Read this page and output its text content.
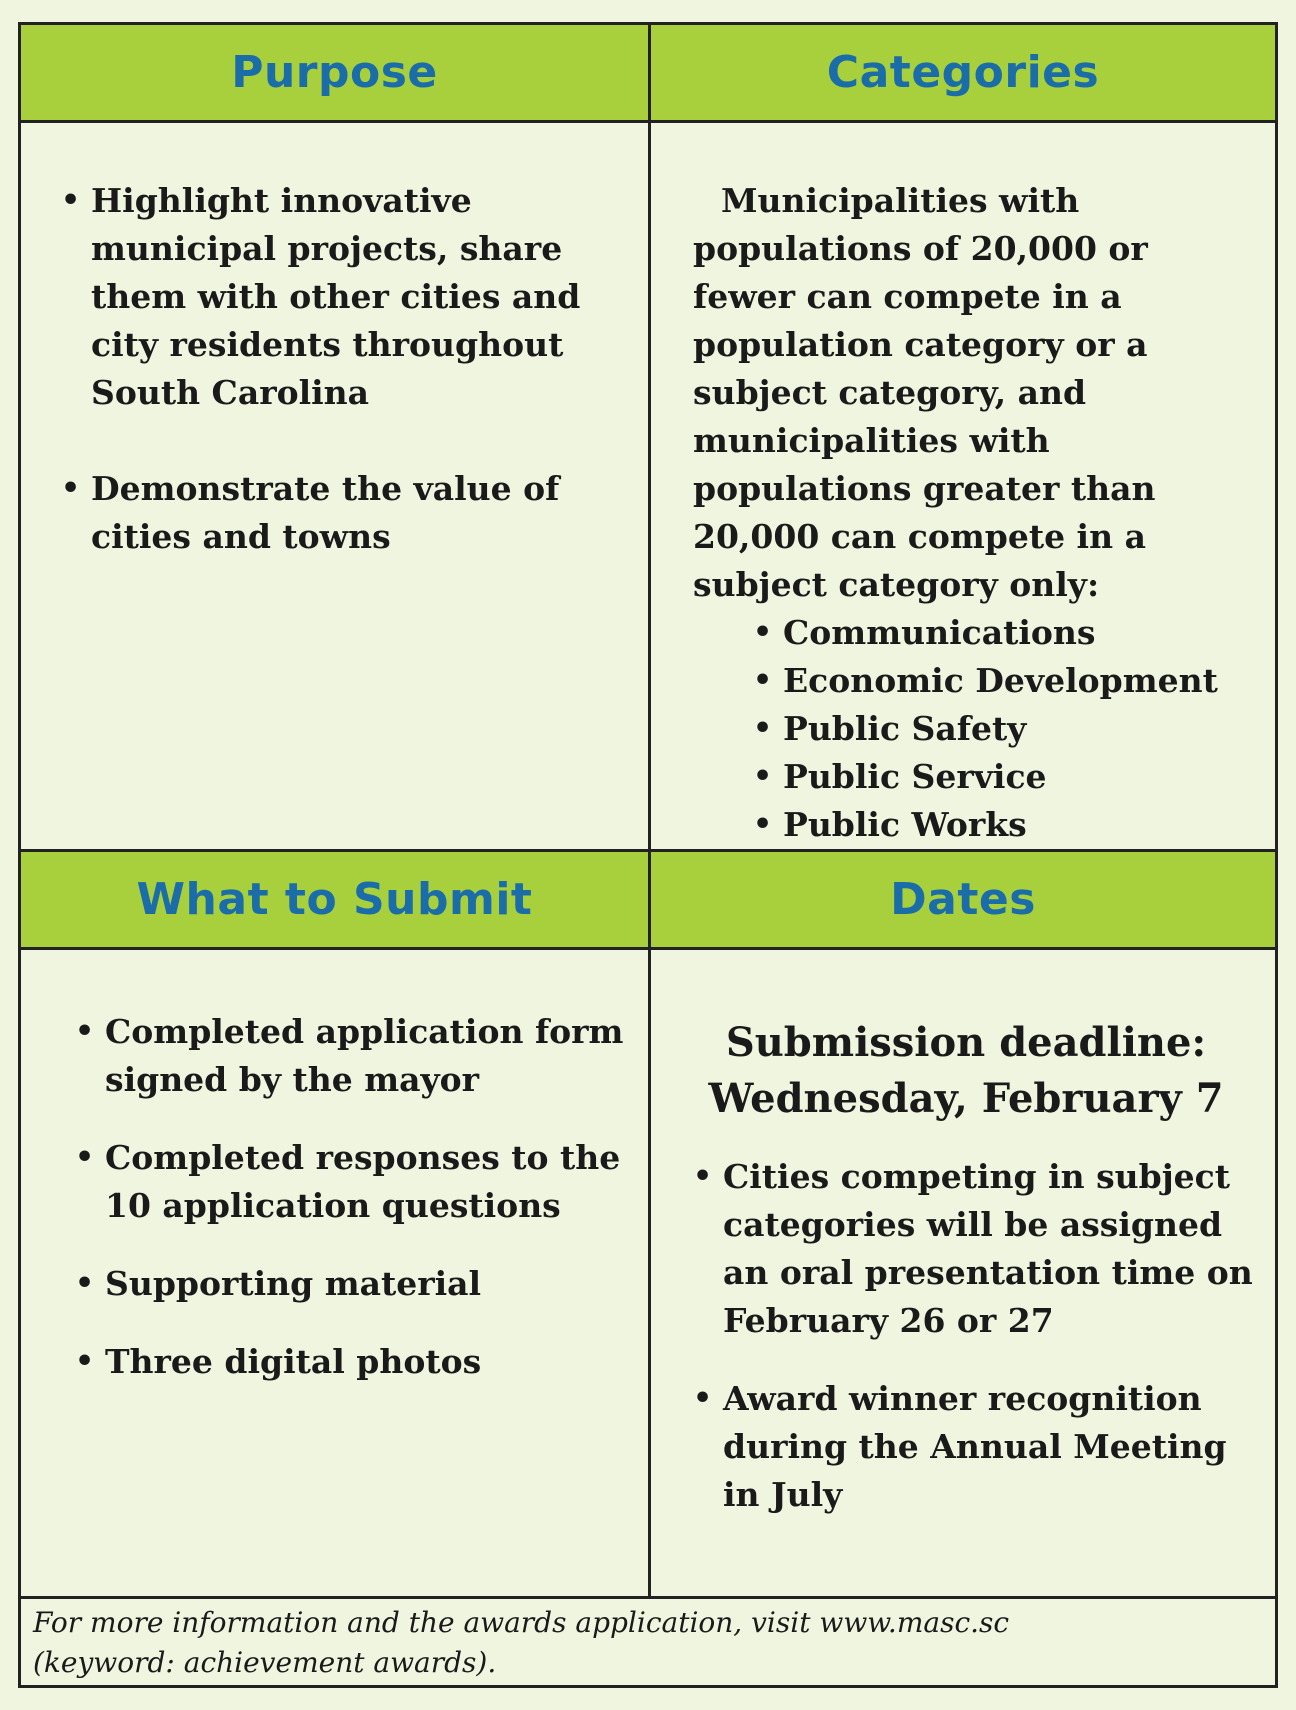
Purpose	Categories
• Highlight innovative municipal projects, share them with other cities and city residents throughout South Carolina
• Demonstrate the value of cities and towns

Municipalities with populations of 20,000 or fewer can compete in a population category or a subject category, and municipalities with populations greater than 20,000 can compete in a subject category only:

• Communications
• Economic Development
• Public Safety
• Public Service
• Public Works
What to Submit	Dates
• Completed application form signed by the mayor
• Completed responses to the 10 application questions
• Supporting material
• Three digital photos

Submission deadline:

Wednesday, February 7

• Cities competing in subject categories will be assigned an oral presentation time on February 26 or 27
• Award winner recognition during the Annual Meeting in July
For more information and the awards application, visit www.masc.sc
(keyword: achievement awards).
